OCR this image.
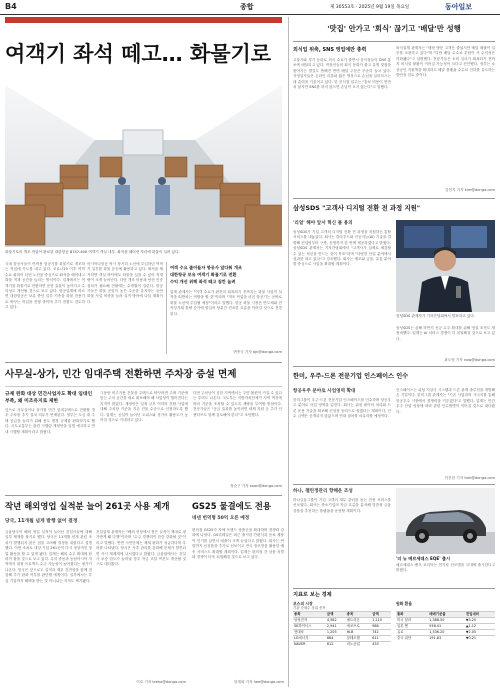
B4	종합	제 30553호 · 2025년 9월 19일 목요일	동아일보
여객기 좌석 떼고… 화물기로
화물기로의 개조 작업이 완료된 대한항공 B747-400 여객기 객실 내부. 좌석을 떼어낸 자리에 화물이 실려 있다.

국내 항공사들이 여객용 항공기를 화물기로 개조하는 작업에 속도를 내고 있다. 코로나19 이후 여객 수요 회복이 더딘 노선을 중심으로 좌석을 떼어내고 화물 적재 공간을 늘리는 방식이다. 업계에서는 여객기를 화물기로 전환하면 운항 효율이 높아지고 수익성도 개선될 것으로 보고 있다. 항공업계에 따르면 대한항공은 보유 중인 일부 기종을 화물 전용기로 바꾸는 작업을 진행 중이며 추가 전환도 검토하고 있다.

아시아나항공 역시 장거리 노선에 투입하던 여객기 일부를 화물 운송에 활용하고 있다. 좌석을 제거하면 객실 바닥에도 화물을 실을 수 있어 적재량이 크게 늘어난다. 다만 개조 비용과 안전 인증 절차가 필요해 전환에는 수개월이 걸린다. 항공사들은 화물 운임이 높은 수준을 유지하는 동안 화물 사업 비중을 늘려 실적 방어에 나설 계획이다.

여객 수요 줄어들자 항공사 앞다퉈 개조
대한항공 보유 여객기 화물기로 전환
수익 개선 위해 좌석 떼고 짐칸 늘려

업계 관계자는 "여객 수요가 완전히 회복되기 전까지는 화물 사업이 실적을 떠받치는 역할을 할 것"이라며 "개조 작업을 마친 항공기는 곧바로 화물 노선에 투입될 예정"이라고 말했다. 항공 화물 시장은 반도체와 전자상거래 물량 증가에 힘입어 당분간 견조한 흐름을 이어갈 것으로 전망된다.

변종국 기자 bjk@donga.com
사무실-상가, 민간 임대주택 전환하면 주차장 증설 면제
규제 완화 대상 민간사업자도 확대 임대인 부족, 왜 미조유지로 제한

앞으로 사무실이나 상가를 민간 임대주택으로 전환할 경우 주차장 추가 설치 의무가 면제된다. 정부는 도심 내 주택 공급을 늘리기 위해 용도 변경 규제를 완화하기로 했다. 국토교통부는 관련 시행령 개정안을 입법 예고하고 연내 시행할 계획이라고 밝혔다.

그동안 비주거용 건물을 주택으로 바꾸려면 주택 기준에 맞는 주차 공간을 새로 확보해야 해 사업성이 떨어진다는 지적이 많았다. 개정안은 일정 규모 이하의 전환 사업에 대해 주차장 기준을 기존 건물 수준으로 인정하도록 했다. 업계는 공실이 늘어난 오피스와 상가의 활용도가 높아질 것으로 기대하고 있다.

다만 주차난이 심한 지역에서는 주민 불편이 커질 수 있다는 우려도 나온다. 국토부는 지방자치단체가 지역 여건에 따라 기준을 조정할 수 있도록 재량을 부여할 방침이다. 전문가들은 "공급 효과를 높이려면 세제 지원 등 추가 인센티브도 함께 검토해야 한다"고 조언했다.

정순구 기자 soon@donga.com
작년 해외영업 실적분 늘어 261곳 사용 제개
당국, 11개월 넘게 발행 없어 결정

금융당국이 해외 영업 실적이 늘어난 건설사들에 대해 일부 제재를 풀기로 했다. 당국은 11개월 넘게 관련 조치가 발행되지 않은 점을 고려해 결정을 내렸다고 설명했다. 이번 조치로 대상 기업 261곳이 다시 정상적인 영업 활동을 할 수 있게 됐다. 업계는 해외 수주 확대에 탄력이 붙을 것으로 보고 있다. 특히 중동과 동남아시아 지역에서 대형 프로젝트 수주 가능성이 높아졌다는 평가가 나온다. 당국은 앞으로도 실적과 재무 건전성을 함께 점검해 추가 완화 여부를 판단할 예정이다. 일각에서는 부실 기업까지 혜택을 받는 것 아니냐는 지적도 제기됐다.

건설업계 관계자는 "해외 현장에서 쌓은 실적이 제대로 평가받게 돼 다행"이라며 "수주 경쟁력이 한층 강화될 것"이라고 말했다. 반면 시민단체는 제재 완화가 성급하다며 우려를 나타냈다. 당국은 사후 관리를 강화해 문제가 발견되면 즉시 재제재에 나서겠다고 밝혔다. 금융권에서는 건설사 보증 한도가 늘어날 경우 자금 조달 여건도 개선될 것으로 내다봤다.

이호 기자 leeho@donga.com
GS25 물결에도 전용
네넨 번역형 50억 오른 예정

편의점 GS25가 자체 브랜드 상품군을 확대하며 경쟁력 강화에 나섰다. GS리테일은 최근 출시한 간편식과 음료 제품이 인기를 끌면서 매출이 크게 늘었다고 밝혔다. 회사는 연말까지 신상품을 추가로 선보이고 전국 점포망을 활용한 배송 서비스도 확대할 계획이다. 업계는 편의점 간 상품 차별화 경쟁이 더욱 치열해질 것으로 보고 있다.

한재희 기자 hee@donga.com
'맛집' 안가고 '회식' 끊기고 '배달'만 성행
외식업 위축, SNS 영업에만 총력

고물가와 경기 둔화로 외식 수요가 줄면서 음식점들이 SNS 홍보에 매달리고 있다. 직장인들의 회식 문화가 줄고 유명 맛집을 찾아가는 발길도 뜸해진 반면 배달 주문은 꾸준히 늘고 있다. 자영업자들은 온라인 리뷰와 짧은 영상으로 손님을 끌어모으는 데 총력을 기울이고 있다. 한 음식점 업주는 "홍보 비용이 만만치 않지만 SNS를 하지 않으면 손님이 오지 않는다"고 말했다.

외식업계 관계자는 "매장 방문 고객은 줄었지만 배달 매출이 일부를 보완하고 있다"며 "다만 배달 수수료 부담이 커 수익성은 악화됐다"고 설명했다. 전문가들은 소비 심리가 회복되기 전까지 외식업 불황이 이어질 가능성이 크다고 진단했다. 정부는 소상공인 지원책을 확대하고 배달 플랫폼 수수료 인하를 유도하는 방안을 검토 중이다.

김민지 기자 kim@donga.com
삼성SDS "고객사 디지털 전환 전 과정 지원"
'리얼' 해야 앞서 혁신 볼 용의

삼성SDS가 기업 고객의 디지털 전환 전 과정을 지원하는 통합 서비스를 내놓았다. 회사는 클라우드와 인공지능(AI) 기술을 결합해 컨설팅부터 구축, 운영까지 한 번에 제공하겠다고 밝혔다. 삼성SDS 관계자는 기자간담회에서 "고객사가 실제로 체감할 수 있는 혁신을 만드는 것이 목표"라며 "다양한 산업 분야에서 성과를 내고 있다"고 강조했다. 회사는 제조와 금융, 유통 분야를 중심으로 사업을 확대할 계획이다.

삼성SDS 관계자가 기자간담회에서 발표하고 있다.

삼성SDS는 올해 하반기 신규 수주 확대를 위해 영업 조직도 재정비했다. 업계는 AI 서비스 경쟁이 더 치열해질 것으로 보고 있다.

곽도영 기자 now@donga.com
한미, 우주-드론 전문기업 인스페이스 인수
항공우주 분야로 사업영역 확대

한미그룹이 우주·드론 전문기업 인스페이스를 인수하며 항공우주 분야로 사업 영역을 넓힌다. 회사는 위성 데이터 처리와 드론 운용 기술을 확보해 신성장 동력으로 삼겠다는 계획이다. 인수 금액은 공개되지 않았으며 연내 절차를 마무리할 예정이다.

인스페이스는 위성 지상국 시스템과 드론 관제 솔루션을 개발해 온 기업이다. 한미그룹 관계자는 "기존 사업과의 시너지를 통해 항공우주 시장에서 경쟁력을 키우겠다"고 말했다. 업계는 민간 우주 산업 성장에 따라 관련 인수합병이 이어질 것으로 내다봤다.

이진한 기자 fork@donga.com
하나, 챌린정관리 향해운 조성

하나금융그룹이 기업 고객의 재무 관리를 돕는 전용 서비스를 선보였다. 회사는 중소기업의 자금 흐름을 분석해 맞춤형 금융 상품을 추천하는 플랫폼을 운영할 계획이다.

'더 뉴 메르세데스 EQE' 출시
메르세데스-벤츠 코리아는 전기차 신모델을 국내에 출시한다고 밝혔다.
지표로 보는 경제
코스피 시장
기관 순매수 상위 종목
종목	금액	종목	금액
삼성전자	4,582	셀트리온	1,210
SK하이닉스	2,941	에코프로	986
현대차	1,205	HLB	742
LG에너지	884	알테오젠	611
NAVER	612	리노공업	433
원화 환율
통화	매매기준율	전일대비
미국 달러	1,388.50	▼3.20
일본 엔	938.41	▲1.12
유로	1,536.20	▼2.05
중국 위안	191.83	▼0.21
